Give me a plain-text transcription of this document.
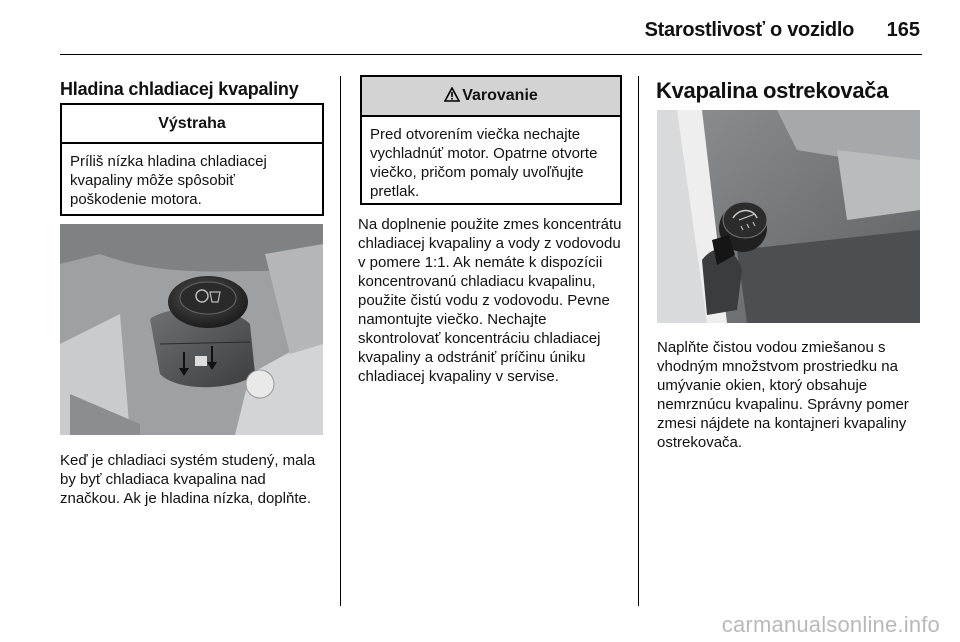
Starostlivosť o vozidlo 165
Hladina chladiacej kvapaliny
Výstraha
Príliš nízka hladina chladiacej kvapaliny môže spôsobiť poškodenie motora.
Keď je chladiaci systém studený, mala by byť chladiaca kvapalina nad značkou. Ak je hladina nízka, doplňte.
Varovanie
Pred otvorením viečka nechajte vychladnúť motor. Opatrne otvorte viečko, pričom pomaly uvoľňujte pretlak.
Na doplnenie použite zmes koncentrátu chladiacej kvapaliny a vody z vodovodu v pomere 1:1. Ak nemáte k dispozícii koncentrovanú chladiacu kvapalinu, použite čistú vodu z vodovodu. Pevne namontujte viečko. Nechajte skontrolovať koncentráciu chladiacej kvapaliny a odstrániť príčinu úniku chladiacej kvapaliny v servise.
Kvapalina ostrekovača
Naplňte čistou vodou zmiešanou s vhodným množstvom prostriedku na umývanie okien, ktorý obsahuje nemrznúcu kvapalinu. Správny pomer zmesi nájdete na kontajneri kvapaliny ostrekovača.
carmanualsonline.info
